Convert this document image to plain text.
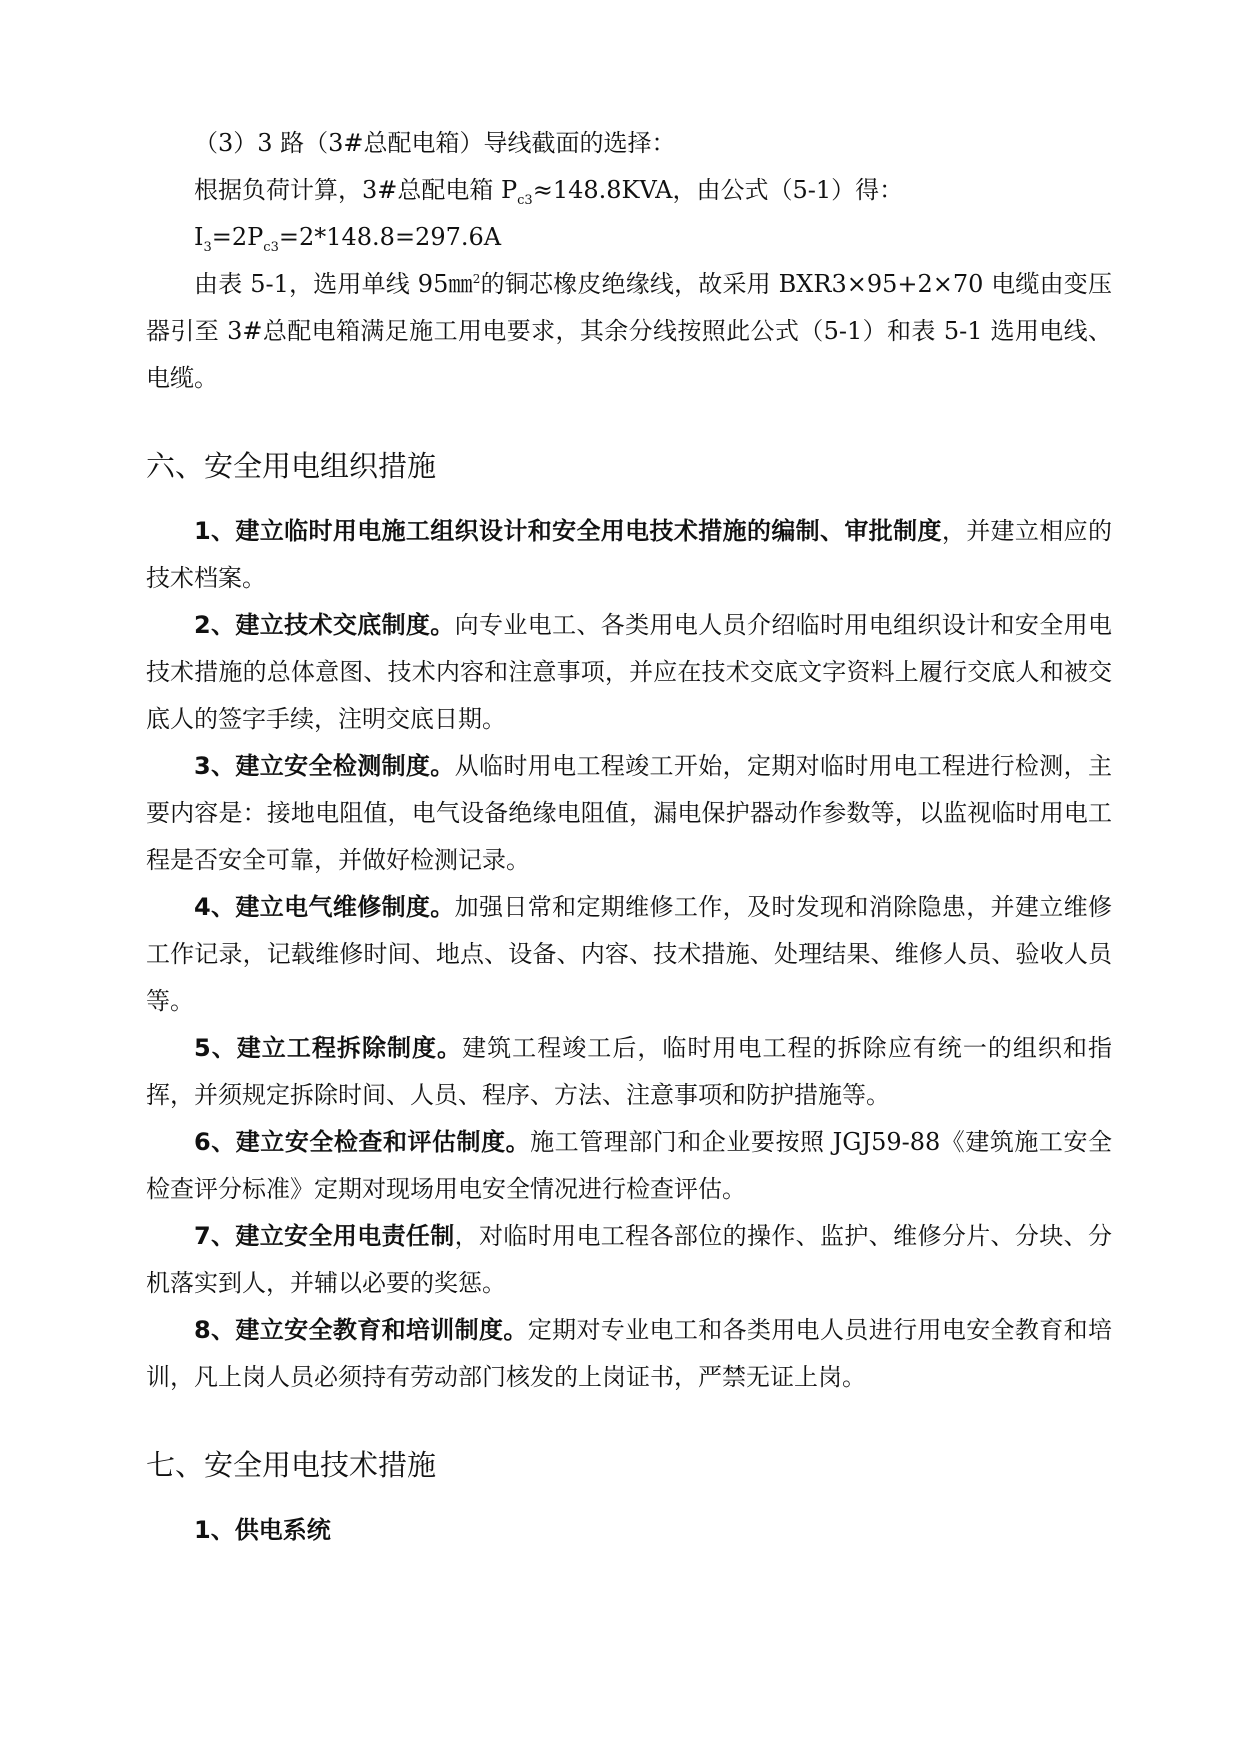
（3）3 路（3#总配电箱）导线截面的选择：

根据负荷计算，3#总配电箱 $P_{c3}\approx 148.8KVA$，由公式（5-1）得：

$I_3=2P_{c3}=2*148.8=297.6A$

由表 5-1，选用单线 95㎜$^2$的铜芯橡皮绝缘线，故采用 BXR3×95+2×70 电缆由变压器引至 3#总配电箱满足施工用电要求，其余分线按照此公式（5-1）和表 5-1 选用电线、电缆。

六、安全用电组织措施

1、建立临时用电施工组织设计和安全用电技术措施的编制、审批制度，并建立相应的技术档案。

2、建立技术交底制度。向专业电工、各类用电人员介绍临时用电组织设计和安全用电技术措施的总体意图、技术内容和注意事项，并应在技术交底文字资料上履行交底人和被交底人的签字手续，注明交底日期。

3、建立安全检测制度。从临时用电工程竣工开始，定期对临时用电工程进行检测，主要内容是：接地电阻值，电气设备绝缘电阻值，漏电保护器动作参数等，以监视临时用电工程是否安全可靠，并做好检测记录。

4、建立电气维修制度。加强日常和定期维修工作，及时发现和消除隐患，并建立维修工作记录，记载维修时间、地点、设备、内容、技术措施、处理结果、维修人员、验收人员等。

5、建立工程拆除制度。建筑工程竣工后，临时用电工程的拆除应有统一的组织和指挥，并须规定拆除时间、人员、程序、方法、注意事项和防护措施等。

6、建立安全检查和评估制度。施工管理部门和企业要按照 JGJ59-88《建筑施工安全检查评分标准》定期对现场用电安全情况进行检查评估。

7、建立安全用电责任制，对临时用电工程各部位的操作、监护、维修分片、分块、分机落实到人，并辅以必要的奖惩。

8、建立安全教育和培训制度。定期对专业电工和各类用电人员进行用电安全教育和培训，凡上岗人员必须持有劳动部门核发的上岗证书，严禁无证上岗。

七、安全用电技术措施
1、供电系统
